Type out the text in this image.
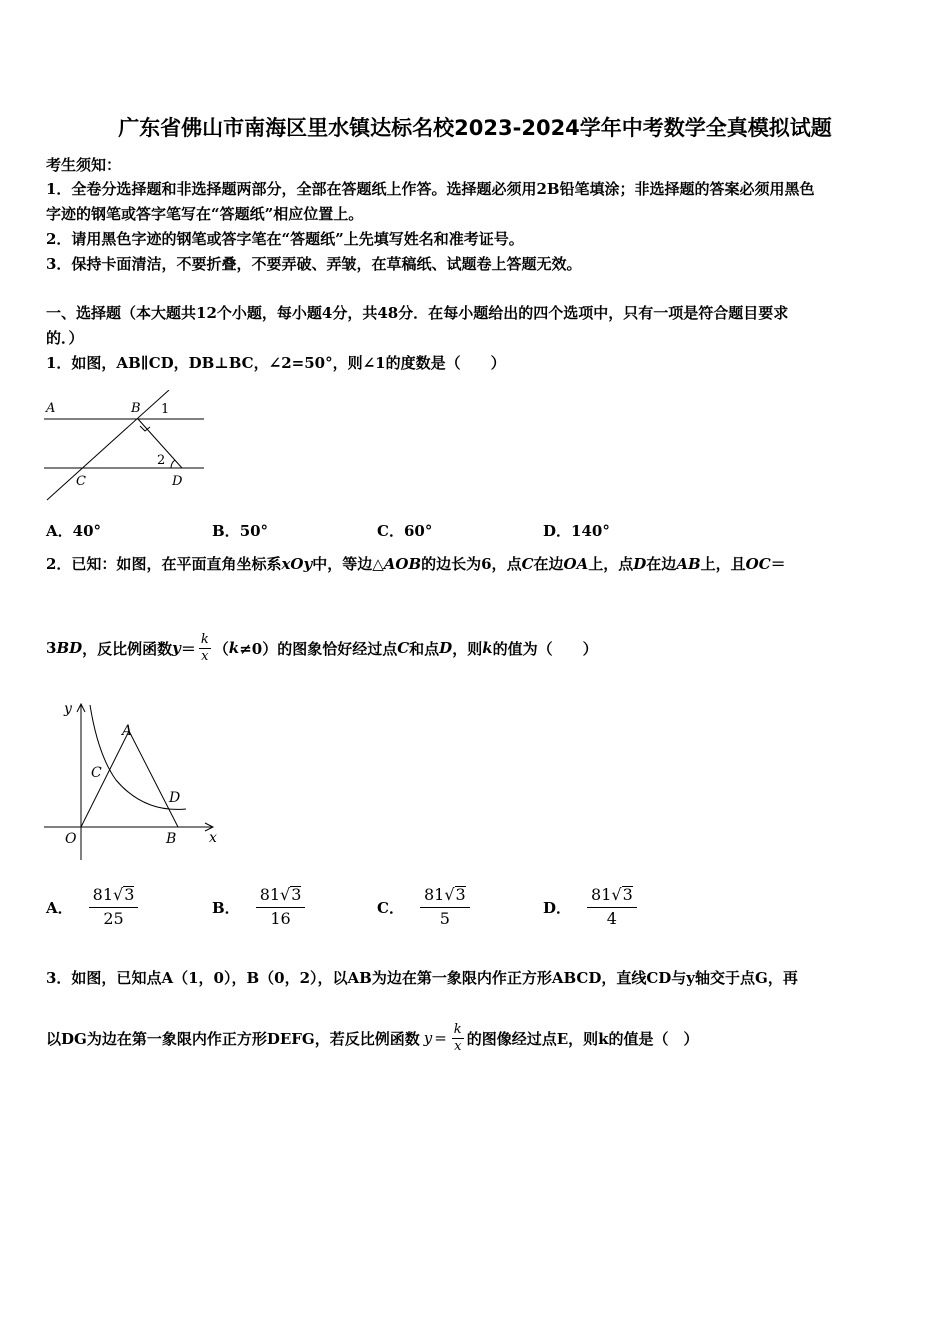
广东省佛山市南海区里水镇达标名校2023-2024学年中考数学全真模拟试题
考生须知：
1．全卷分选择题和非选择题两部分，全部在答题纸上作答。选择题必须用2B铅笔填涂；非选择题的答案必须用黑色
字迹的钢笔或答字笔写在“答题纸”相应位置上。
2．请用黑色字迹的钢笔或答字笔在“答题纸”上先填写姓名和准考证号。
3．保持卡面清洁，不要折叠，不要弄破、弄皱，在草稿纸、试题卷上答题无效。
一、选择题（本大题共12个小题，每小题4分，共48分．在每小题给出的四个选项中，只有一项是符合题目要求
的．）
1．如图，AB∥CD，DB⊥BC，∠2=50°，则∠1的度数是（　　）
A	B 1
2
C	D
A．40°	B．50°	C．60°	D．140°
2．已知：如图，在平面直角坐标系xOy中，等边△AOB的边长为6，点C在边OA上，点D在边AB上，且OC＝
3 BD ，反比例函数 $y = \frac{k}{x}$ （ k ≠0）的图象恰好经过点 C 和点 D ，则 k 的值为（　　）
y
A
C
D
O	B x
A． $\frac{81√3}{25}$	B． $\frac{81√3}{16}$	C． $\frac{81√3}{5}$	D． $\frac{81√3}{4}$
3．如图，已知点A（1，0），B（0，2），以AB为边在第一象限内作正方形ABCD，直线CD与y轴交于点G，再
以DG为边在第一象限内作正方形DEFG，若反比例函数 $y = \frac{k}{x}$ 的图像经过点E，则k的值是（　）
